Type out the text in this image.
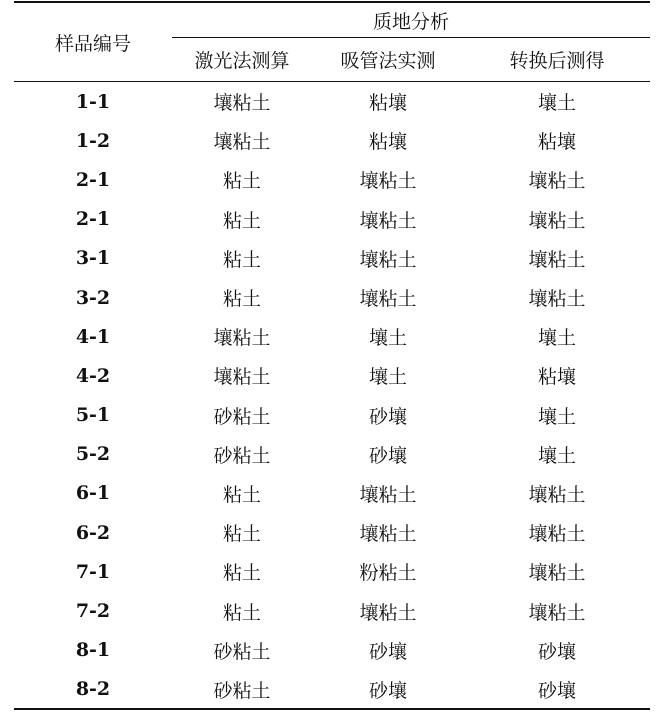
样品编号
质地分析
激光法测算	吸管法实测	转换后测得
1-1	壤粘土	粘壤	壤土
1-2	壤粘土	粘壤	粘壤
2-1	粘土	壤粘土	壤粘土
2-1	粘土	壤粘土	壤粘土
3-1	粘土	壤粘土	壤粘土
3-2	粘土	壤粘土	壤粘土
4-1	壤粘土	壤土	壤土
4-2	壤粘土	壤土	粘壤
5-1	砂粘土	砂壤	壤土
5-2	砂粘土	砂壤	壤土
6-1	粘土	壤粘土	壤粘土
6-2	粘土	壤粘土	壤粘土
7-1	粘土	粉粘土	壤粘土
7-2	粘土	壤粘土	壤粘土
8-1	砂粘土	砂壤	砂壤
8-2	砂粘土	砂壤	砂壤
